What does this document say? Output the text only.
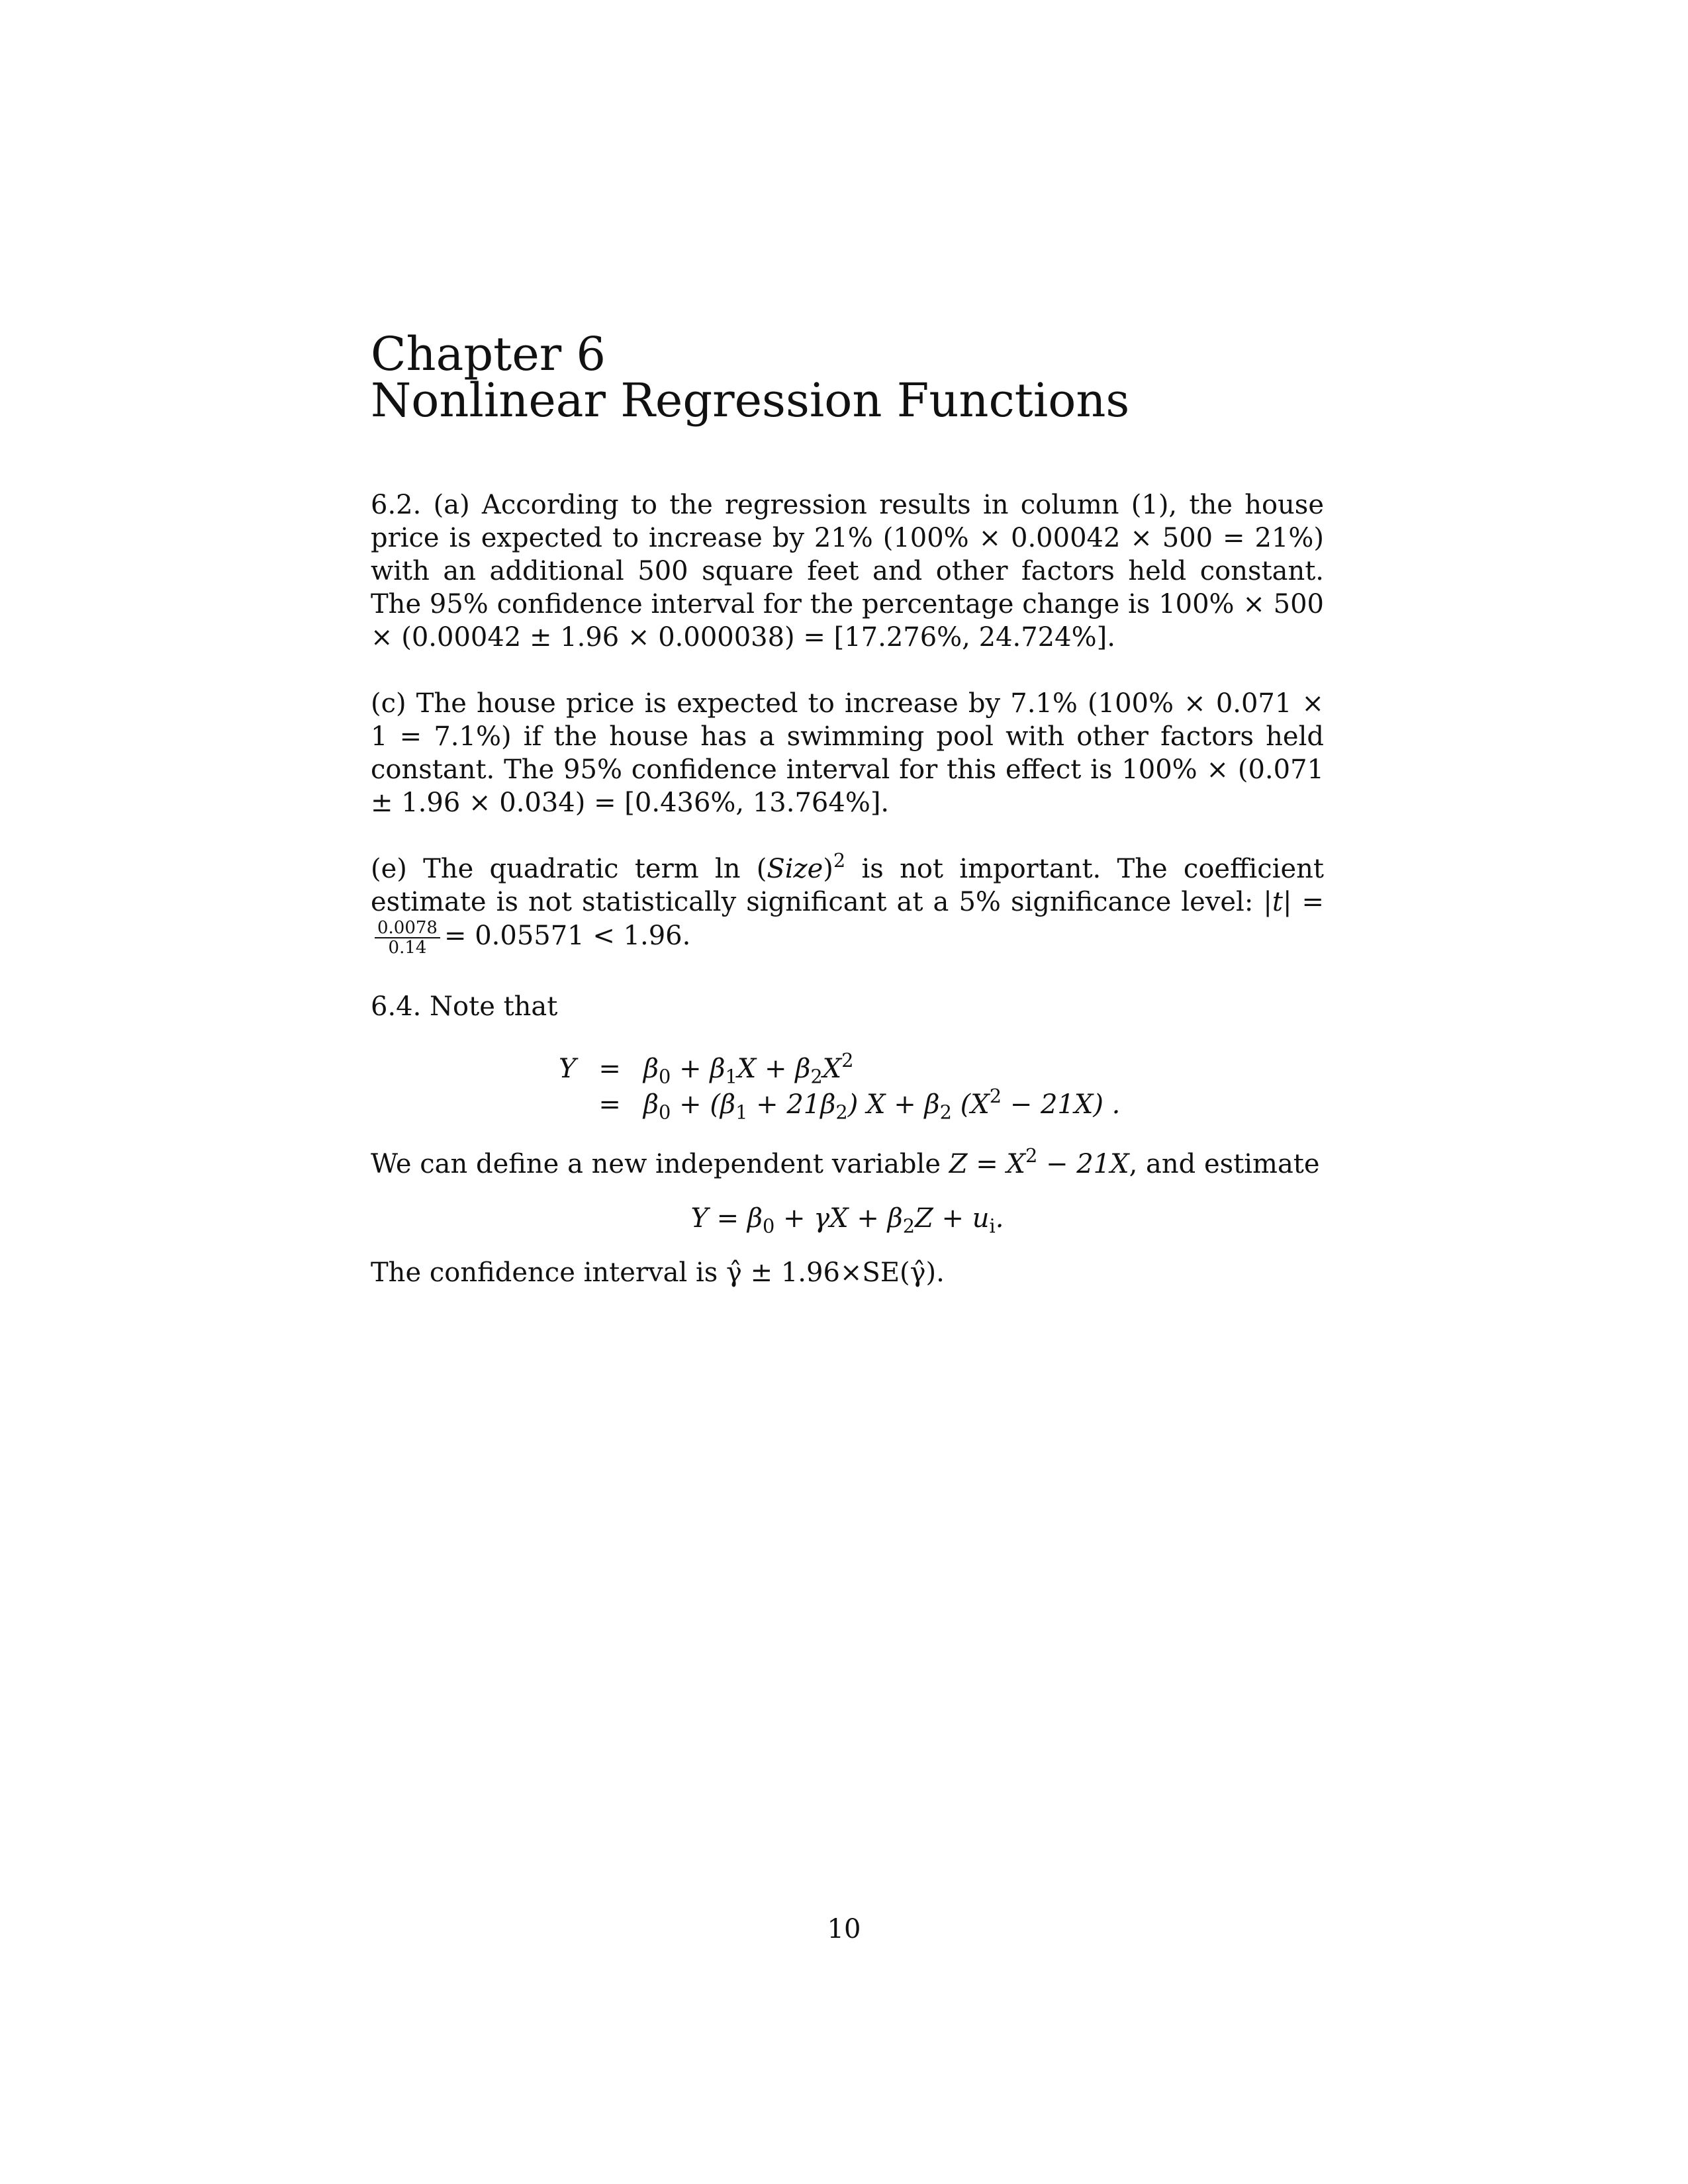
Chapter 6
Nonlinear Regression Functions

6.2. (a) According to the regression results in column (1), the house price is expected to increase by 21% (100% × 0.00042 × 500 = 21%) with an additional 500 square feet and other factors held constant. The 95% confidence interval for the percentage change is 100% × 500 × (0.00042 ± 1.96 × 0.000038) = [17.276%, 24.724%].

(c) The house price is expected to increase by 7.1% (100% × 0.071 × 1 = 7.1%) if the house has a swimming pool with other factors held constant. The 95% confidence interval for this effect is 100% × (0.071 ± 1.96 × 0.034) = [0.436%, 13.764%].

(e) The quadratic term ln (Size)$^2$ is not important. The coefficient estimate is not statistically significant at a 5% significance level: |t| =
$\frac{0.0078}{0.14} = 0.05571 < 1.96$.

6.4. Note that

$Y = \beta_0 + \beta_1X + \beta_2X^2$
= $\beta_0 + (\beta_1 + 21\beta_2) X + \beta_2$ $(X^2 - 21X)$ .

We can define a new independent variable $Z = X^2 - 21X$, and estimate

$Y = \beta_0 + \gamma X + \beta_2Z + u_i$.

The confidence interval is γ̂ ± 1.96×SE(γ̂).

10
